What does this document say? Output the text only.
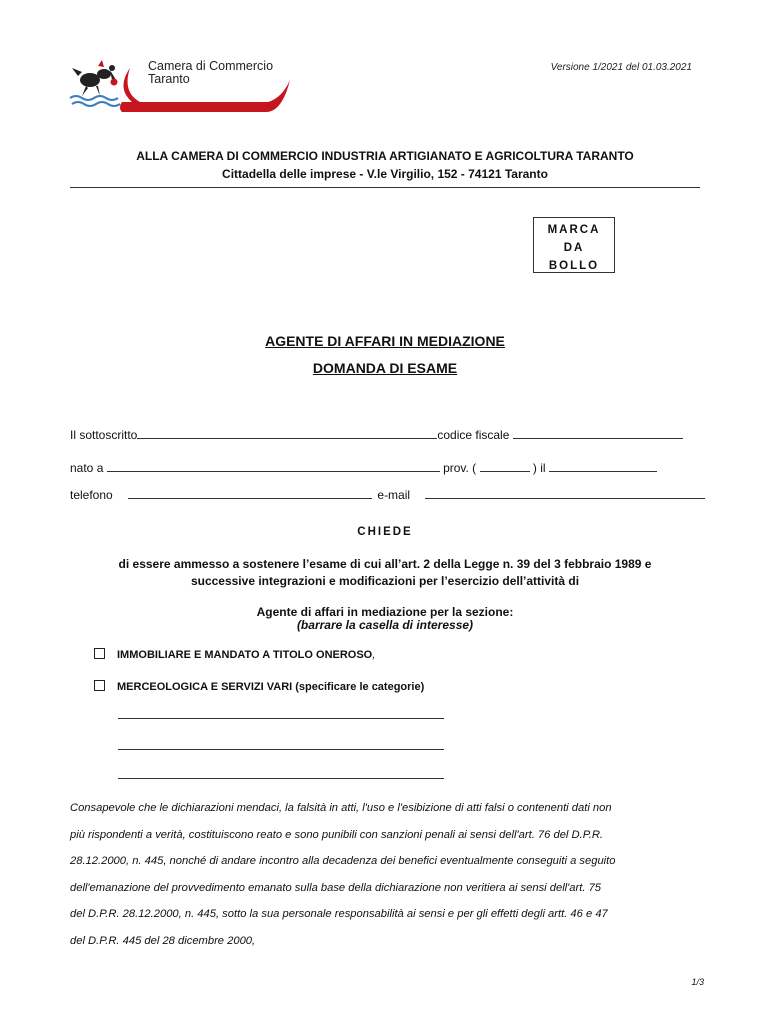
Camera di Commercio
Taranto
Versione 1/2021 del 01.03.2021
ALLA CAMERA DI COMMERCIO INDUSTRIA ARTIGIANATO E AGRICOLTURA TARANTO
Cittadella delle imprese - V.le Virgilio, 152 - 74121 Taranto
MARCA
DA
BOLLO
AGENTE DI AFFARI IN MEDIAZIONE
DOMANDA DI ESAME
Il sottoscritto	codice fiscale
nato a	prov. (	) il
telefono	e-mail
CHIEDE
di essere ammesso a sostenere l’esame di cui all’art. 2 della Legge n. 39 del 3 febbraio 1989 e
successive integrazioni e modificazioni per l’esercizio dell’attività di
Agente di affari in mediazione per la sezione:
(barrare la casella di interesse)
IMMOBILIARE E MANDATO A TITOLO ONEROSO,
MERCEOLOGICA E SERVIZI VARI (specificare le categorie)
Consapevole che le dichiarazioni mendaci, la falsità in atti, l'uso e l'esibizione di atti falsi o contenenti dati non
più rispondenti a verità, costituiscono reato e sono punibili con sanzioni penali ai sensi dell'art. 76 del D.P.R.
28.12.2000, n. 445, nonché di andare incontro alla decadenza dei benefici eventualmente conseguiti a seguito
dell'emanazione del provvedimento emanato sulla base della dichiarazione non veritiera ai sensi dell'art. 75
del D.P.R. 28.12.2000, n. 445, sotto la sua personale responsabilità ai sensi e per gli effetti degli artt. 46 e 47
del D.P.R. 445 del 28 dicembre 2000,
1/3
